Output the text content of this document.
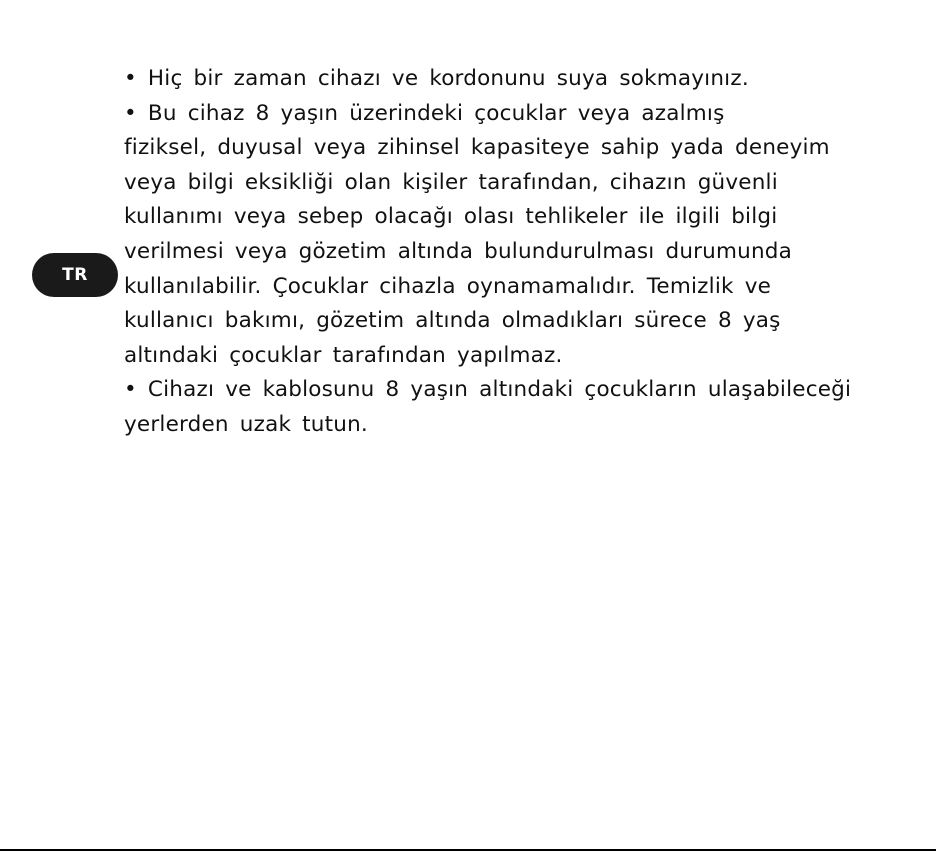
TR
• Hiç bir zaman cihazı ve kordonunu suya sokmayınız.
• Bu cihaz 8 yaşın üzerindeki çocuklar veya azalmış
fiziksel, duyusal veya zihinsel kapasiteye sahip yada deneyim
veya bilgi eksikliği olan kişiler tarafından, cihazın güvenli
kullanımı veya sebep olacağı olası tehlikeler ile ilgili bilgi
verilmesi veya gözetim altında bulundurulması durumunda
kullanılabilir. Çocuklar cihazla oynamamalıdır. Temizlik ve
kullanıcı bakımı, gözetim altında olmadıkları sürece 8 yaş
altındaki çocuklar tarafından yapılmaz.
• Cihazı ve kablosunu 8 yaşın altındaki çocukların ulaşabileceği
yerlerden uzak tutun.
